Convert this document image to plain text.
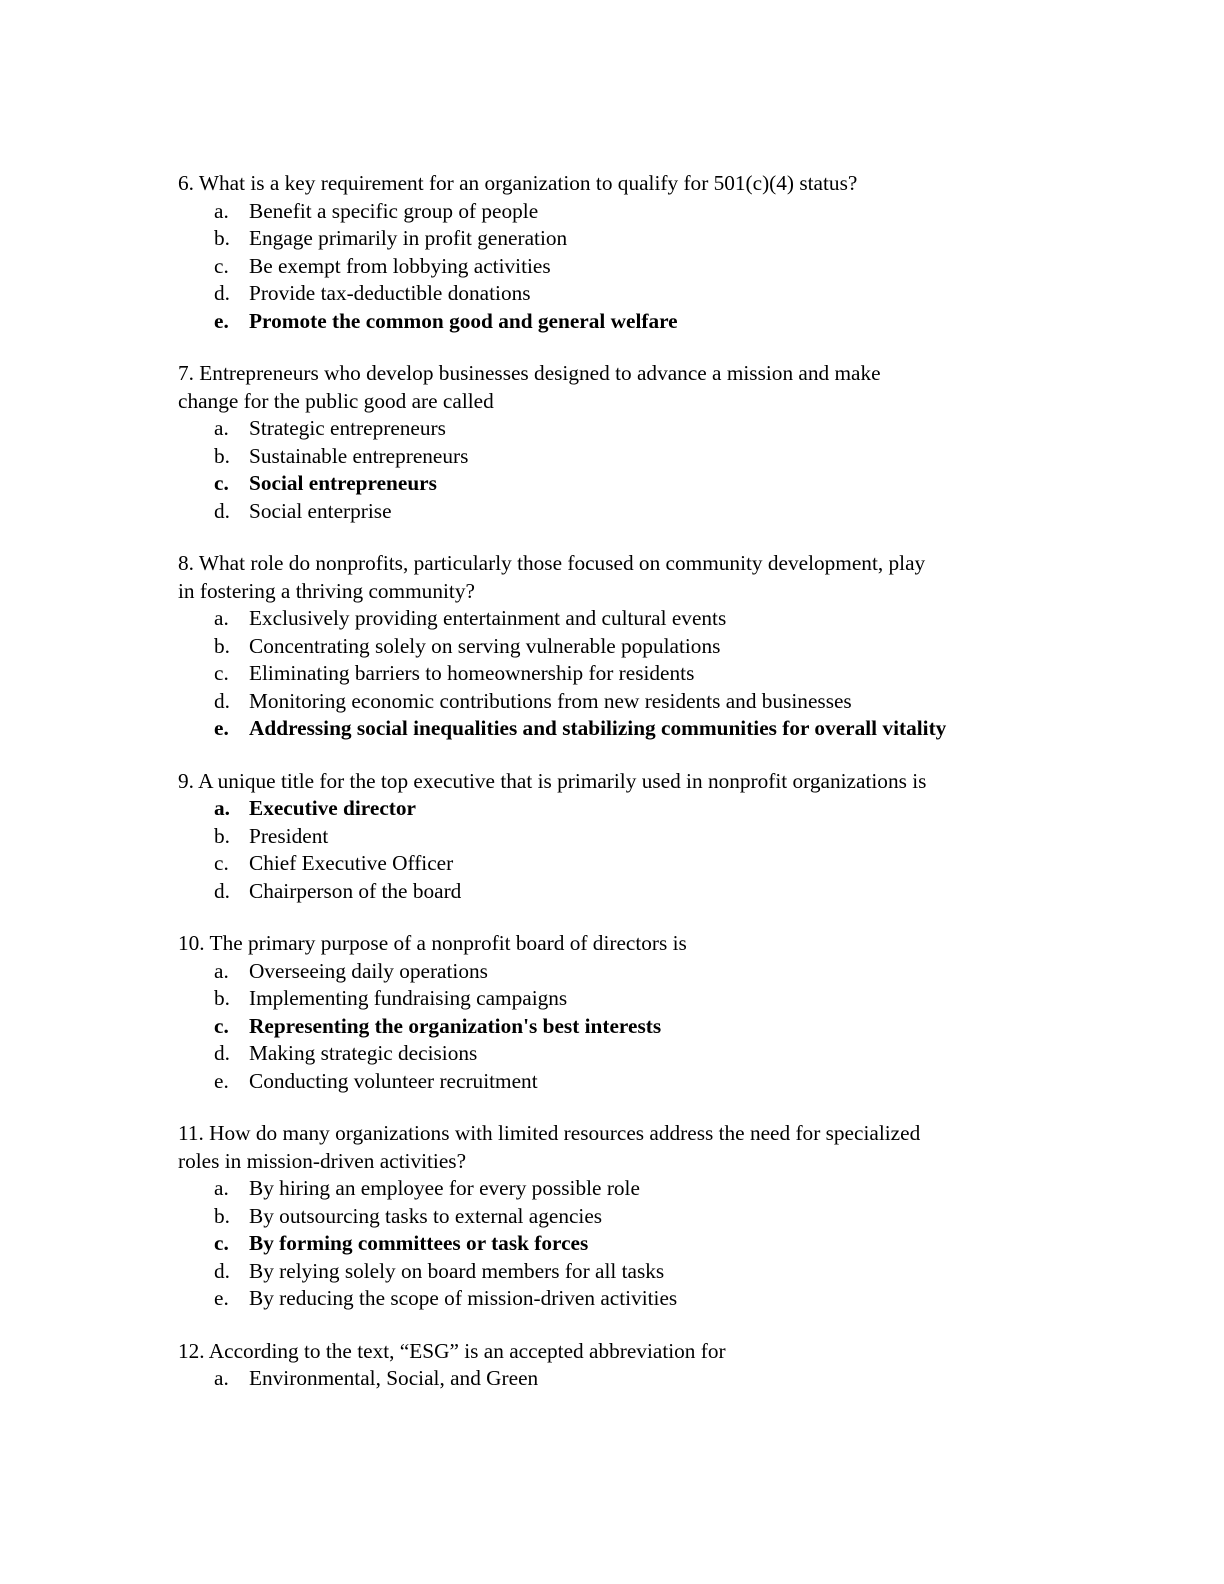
6. What is a key requirement for an organization to qualify for 501(c)(4) status?

a. Benefit a specific group of people
b. Engage primarily in profit generation
c. Be exempt from lobbying activities
d. Provide tax-deductible donations
e. Promote the common good and general welfare

7. Entrepreneurs who develop businesses designed to advance a mission and make
change for the public good are called

a. Strategic entrepreneurs
b. Sustainable entrepreneurs
c. Social entrepreneurs
d. Social enterprise

8. What role do nonprofits, particularly those focused on community development, play
in fostering a thriving community?

a. Exclusively providing entertainment and cultural events
b. Concentrating solely on serving vulnerable populations
c. Eliminating barriers to homeownership for residents
d. Monitoring economic contributions from new residents and businesses
e. Addressing social inequalities and stabilizing communities for overall vitality

9. A unique title for the top executive that is primarily used in nonprofit organizations is

a. Executive director
b. President
c. Chief Executive Officer
d. Chairperson of the board

10. The primary purpose of a nonprofit board of directors is

a. Overseeing daily operations
b. Implementing fundraising campaigns
c. Representing the organization's best interests
d. Making strategic decisions
e. Conducting volunteer recruitment

11. How do many organizations with limited resources address the need for specialized
roles in mission-driven activities?

a. By hiring an employee for every possible role
b. By outsourcing tasks to external agencies
c. By forming committees or task forces
d. By relying solely on board members for all tasks
e. By reducing the scope of mission-driven activities

12. According to the text, “ESG” is an accepted abbreviation for

a. Environmental, Social, and Green
